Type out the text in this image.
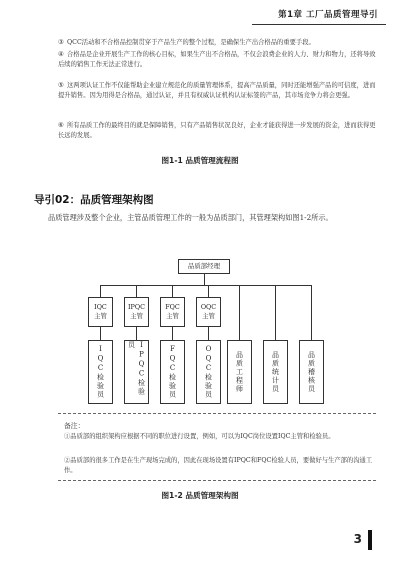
第1章 工厂品质管理导引
③ QCC活动和不合格品控制贯穿于产品生产的整个过程，是确保生产出合格品的重要手段。
④ 合格品是企业开展生产工作的核心目标，如果生产出不合格品，不仅会浪费企业的人力、财力和物力，还将导致后续的销售工作无法正常进行。
⑤ 这两项认证工作不仅能帮助企业建立规范化的质量管理体系，提高产品质量，同时还能增强产品的可信度，进而提升销售。因为用得是合格品，通过认证，并且有权威认证机构认证标签的产品，其市场竞争力将会更强。
⑥ 所有品质工作的最终目的就是保障销售，只有产品销售状况良好，企业才能获得进一步发展的资金，进而获得更长远的发展。
图1-1 品质管理流程图
导引02：品质管理架构图
品质管理涉及整个企业，主管品质管理工作的一般为品质部门，其管理架构如图1-2所示。
品质部经理
IQC
主管
IPQC
主管
FQC
主管
OQC
主管
IQC检验员	IPQC检验员	FQC检验员	OQC检验员	品质工程师	品质统计员	品质稽核员
备注：
①品质部的组织架构应根据不同的职位进行设置，例如，可以为IQC岗位设置IQC主管和检验员。
②品质部的很多工作是在生产现场完成的，因此在现场设置有IPQC和FQC检验人员，要做好与生产部的沟通工作。
图1-2 品质管理架构图
3
